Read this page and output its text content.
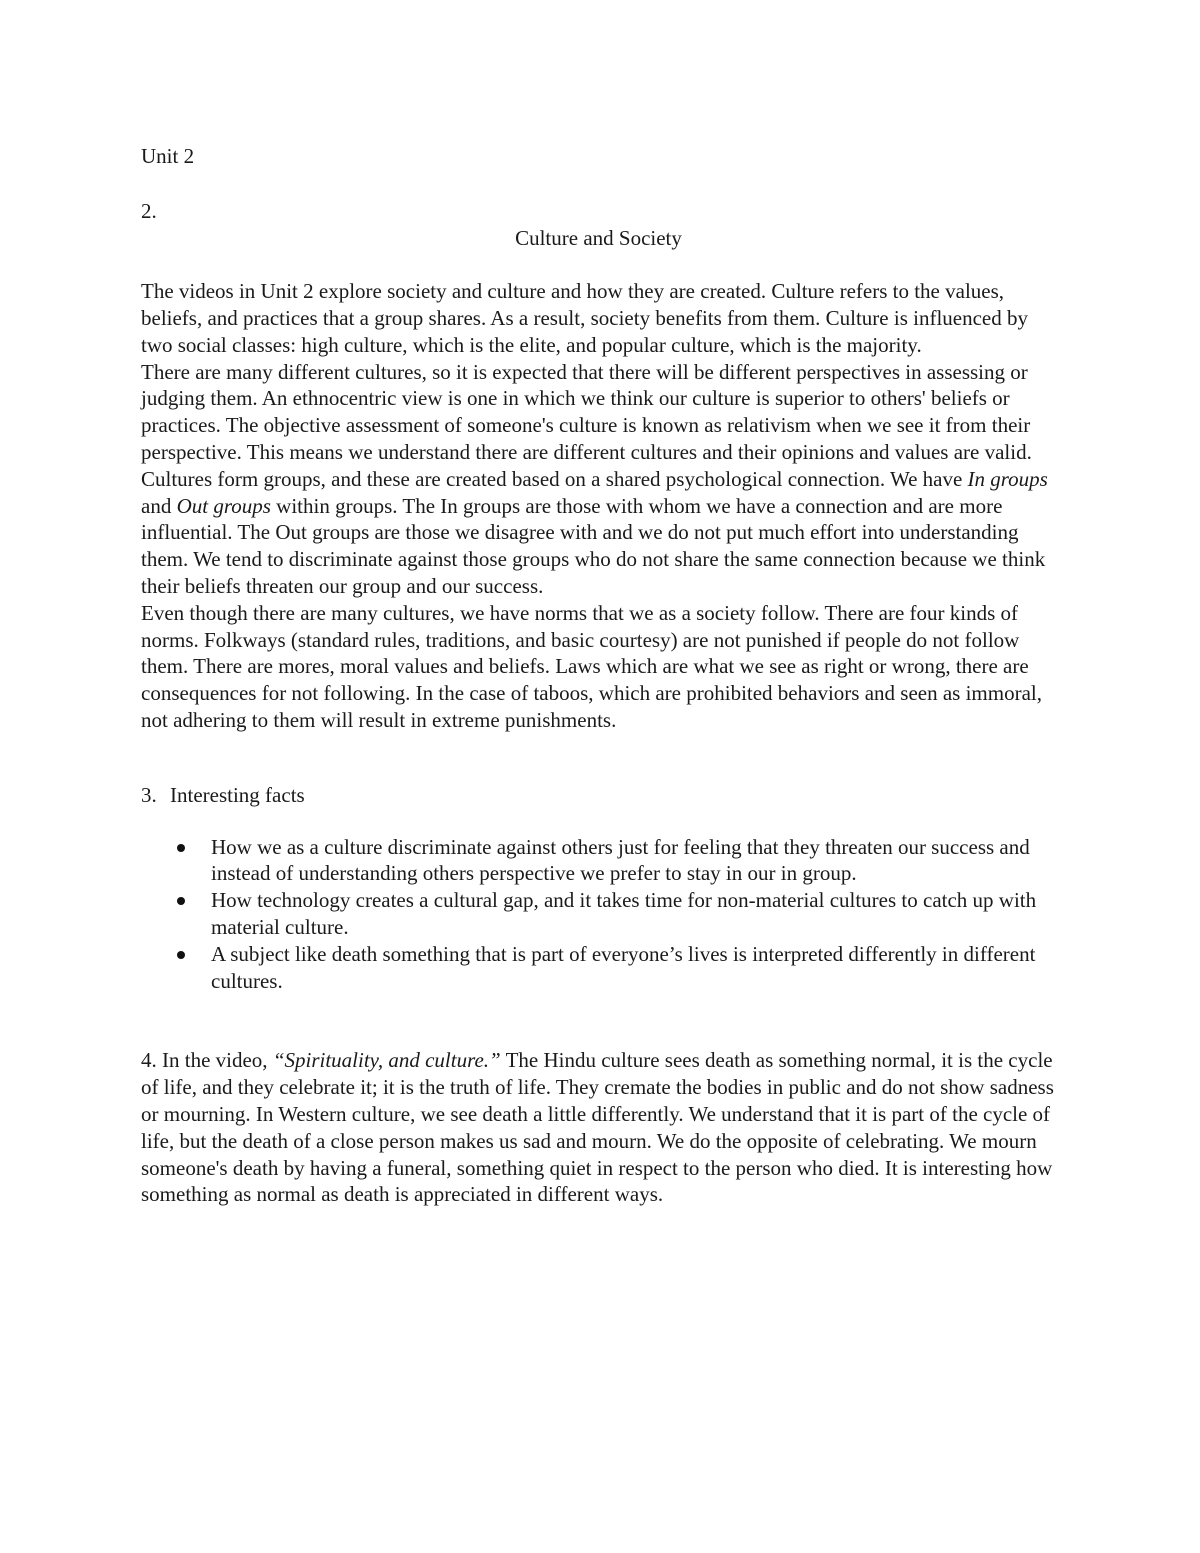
Unit 2

2.

Culture and Society

The videos in Unit 2 explore society and culture and how they are created. Culture refers to the values, beliefs, and practices that a group shares. As a result, society benefits from them. Culture is influenced by two social classes: high culture, which is the elite, and popular culture, which is the majority.

There are many different cultures, so it is expected that there will be different perspectives in assessing or judging them. An ethnocentric view is one in which we think our culture is superior to others' beliefs or practices. The objective assessment of someone's culture is known as relativism when we see it from their perspective. This means we understand there are different cultures and their opinions and values are valid.

Cultures form groups, and these are created based on a shared psychological connection. We have In groups and Out groups within groups. The In groups are those with whom we have a connection and are more influential. The Out groups are those we disagree with and we do not put much effort into understanding them. We tend to discriminate against those groups who do not share the same connection because we think their beliefs threaten our group and our success.

Even though there are many cultures, we have norms that we as a society follow. There are four kinds of norms. Folkways (standard rules, traditions, and basic courtesy) are not punished if people do not follow them. There are mores, moral values and beliefs. Laws which are what we see as right or wrong, there are consequences for not following. In the case of taboos, which are prohibited behaviors and seen as immoral, not adhering to them will result in extreme punishments.

3. Interesting facts

How we as a culture discriminate against others just for feeling that they threaten our success and instead of understanding others perspective we prefer to stay in our in group.
How technology creates a cultural gap, and it takes time for non-material cultures to catch up with material culture.
A subject like death something that is part of everyone’s lives is interpreted differently in different cultures.

4. In the video, “Spirituality, and culture.” The Hindu culture sees death as something normal, it is the cycle of life, and they celebrate it; it is the truth of life. They cremate the bodies in public and do not show sadness or mourning. In Western culture, we see death a little differently. We understand that it is part of the cycle of life, but the death of a close person makes us sad and mourn. We do the opposite of celebrating. We mourn someone's death by having a funeral, something quiet in respect to the person who died. It is interesting how something as normal as death is appreciated in different ways.
